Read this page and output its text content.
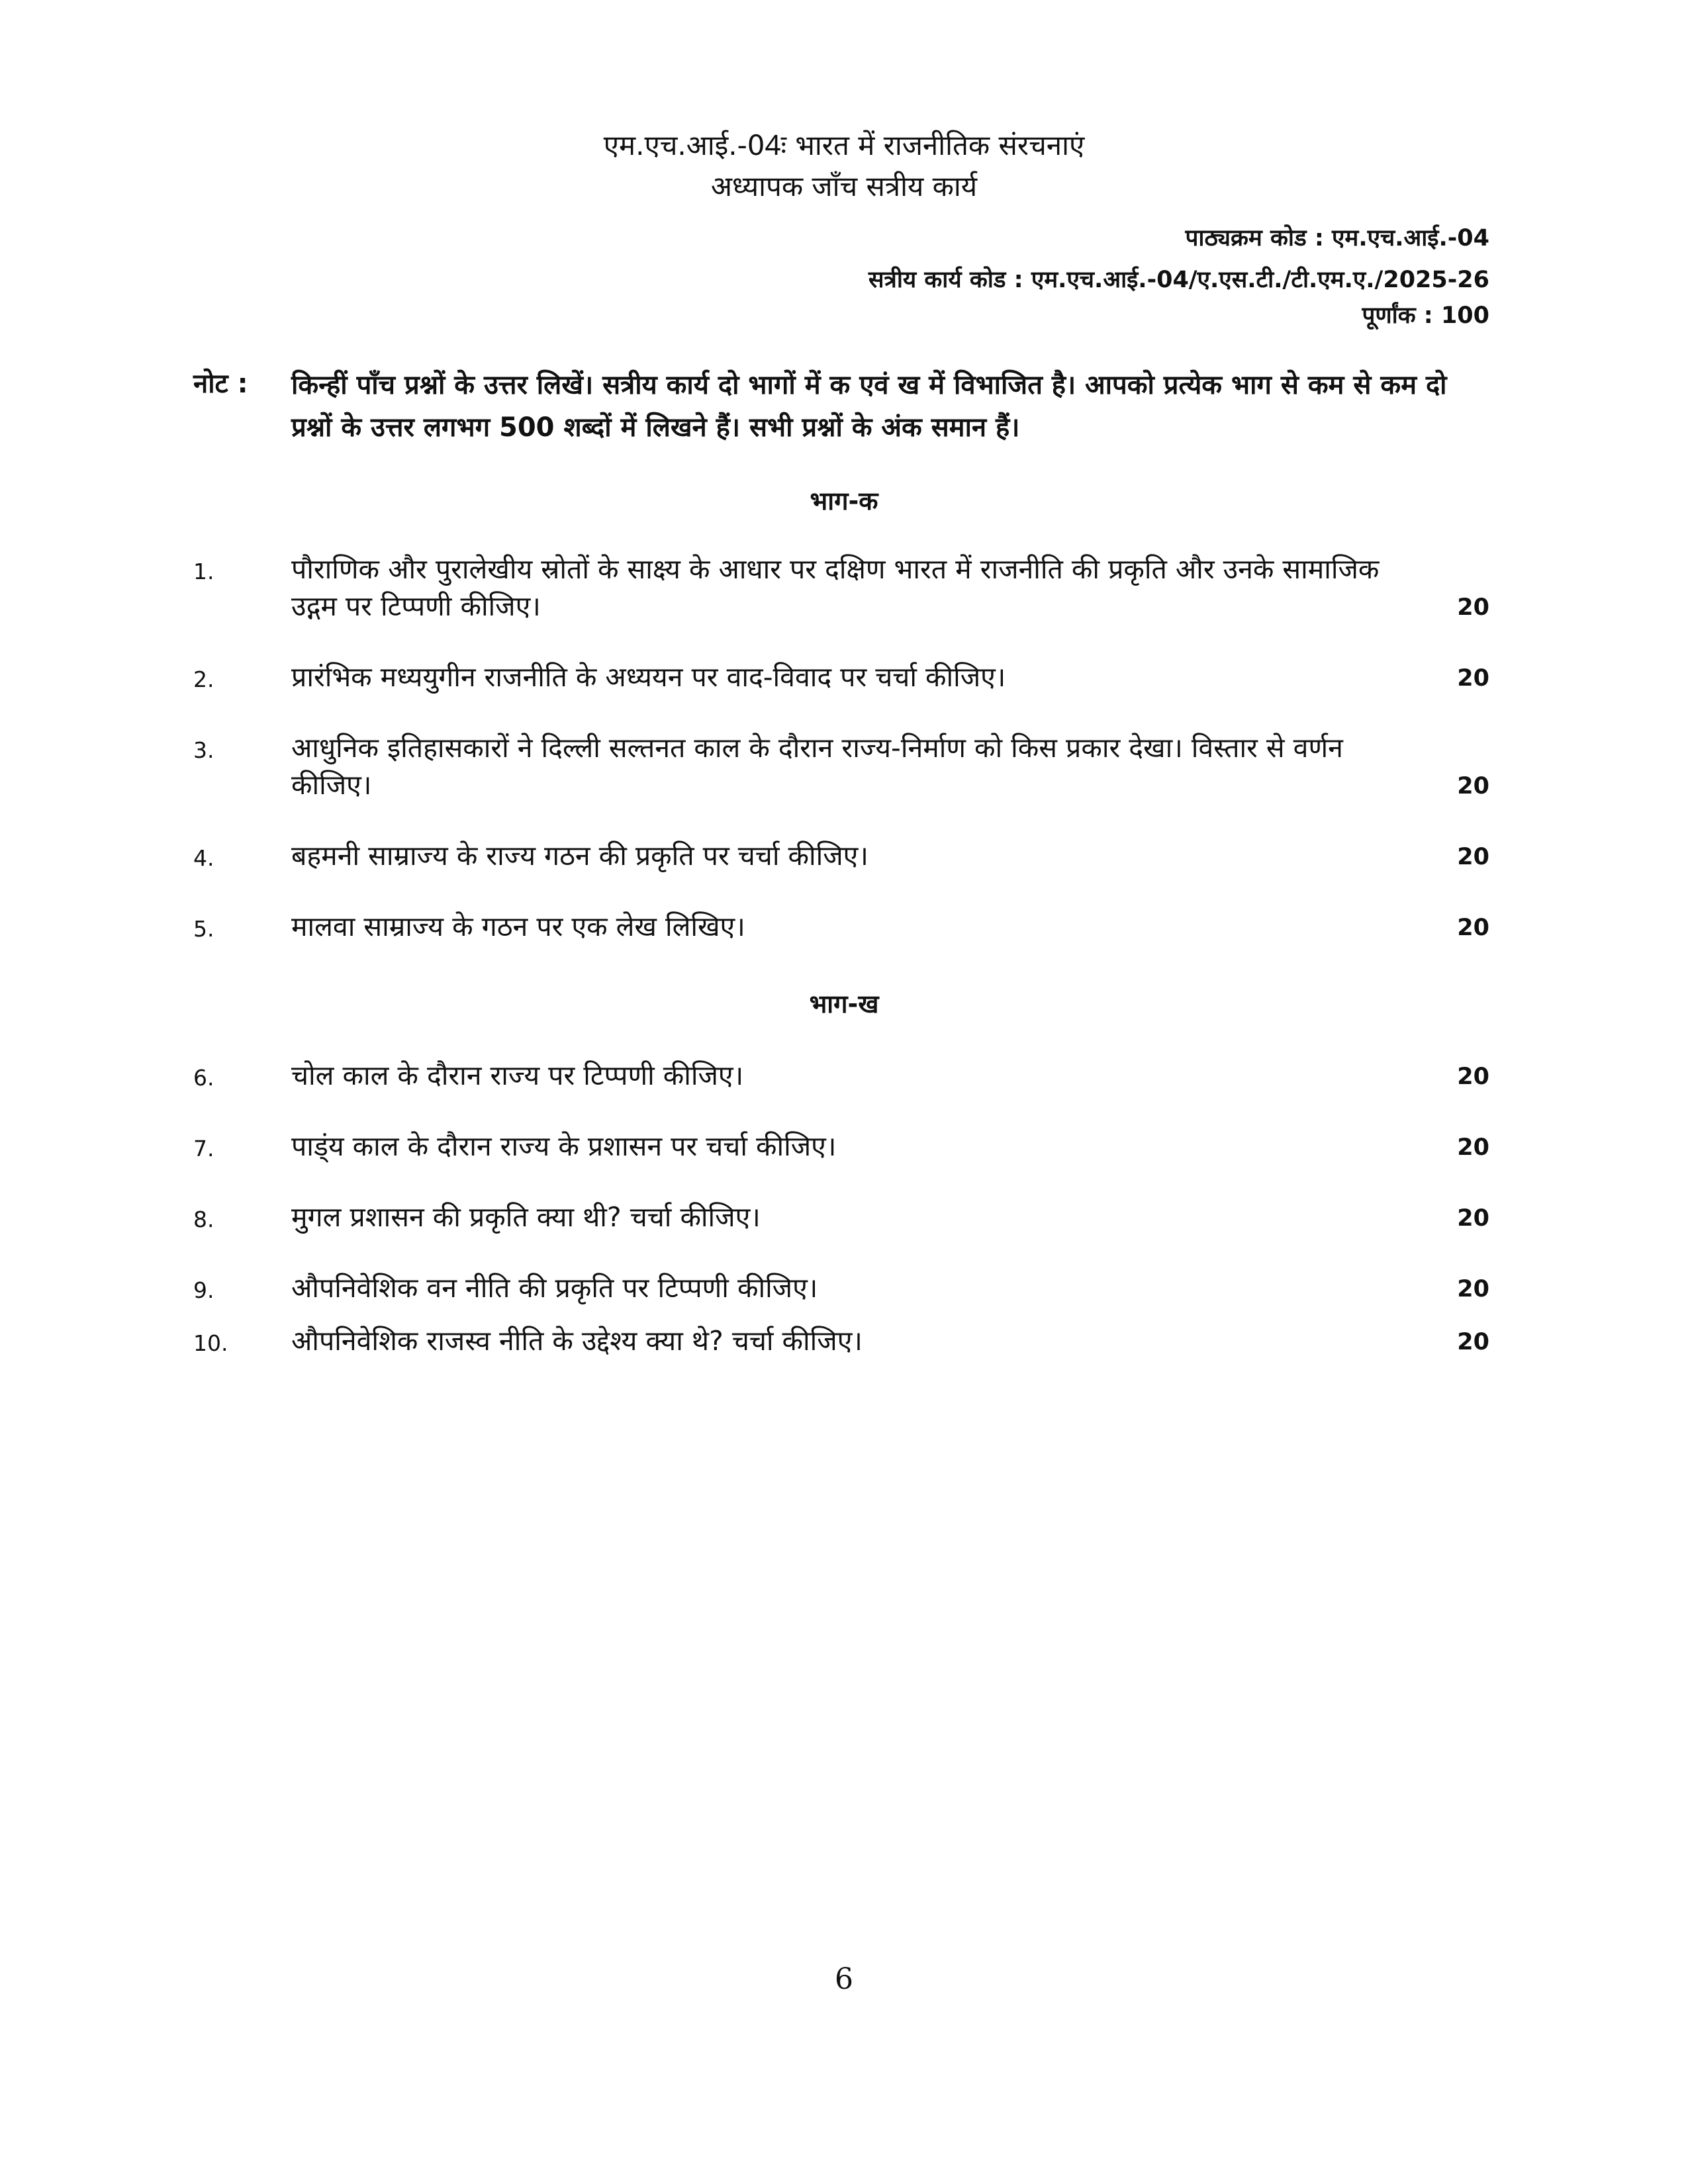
एम.एच.आई.-04ः भारत में राजनीतिक संरचनाएं
अध्यापक जाँच सत्रीय कार्य
पाठ्यक्रम कोड : एम.एच.आई.-04
सत्रीय कार्य कोड : एम.एच.आई.-04/ए.एस.टी./टी.एम.ए./2025-26
पूर्णांक : 100
नोट : किन्हीं पाँच प्रश्नों के उत्तर लिखें। सत्रीय कार्य दो भागों में क एवं ख में विभाजित है। आपको प्रत्येक भाग से कम से कम दो प्रश्नों के उत्तर लगभग 500 शब्दों में लिखने हैं। सभी प्रश्नों के अंक समान हैं।
भाग-क
1.	पौराणिक और पुरालेखीय स्रोतों के साक्ष्य के आधार पर दक्षिण भारत में राजनीति की प्रकृति और उनके सामाजिक उद्गम पर टिप्पणी कीजिए।	20
2.	प्रारंभिक मध्ययुगीन राजनीति के अध्ययन पर वाद-विवाद पर चर्चा कीजिए।	20
3.	आधुनिक इतिहासकारों ने दिल्ली सल्तनत काल के दौरान राज्य-निर्माण को किस प्रकार देखा। विस्तार से वर्णन कीजिए।	20
4.	बहमनी साम्राज्य के राज्य गठन की प्रकृति पर चर्चा कीजिए।	20
5.	मालवा साम्राज्य के गठन पर एक लेख लिखिए।	20
भाग-ख
6.	चोल काल के दौरान राज्य पर टिप्पणी कीजिए।	20
7.	पाड्ंय काल के दौरान राज्य के प्रशासन पर चर्चा कीजिए।	20
8.	मुगल प्रशासन की प्रकृति क्या थी? चर्चा कीजिए।	20
9.	औपनिवेशिक वन नीति की प्रकृति पर टिप्पणी कीजिए।	20
10. औपनिवेशिक राजस्व नीति के उद्देश्य क्या थे? चर्चा कीजिए।	20
6
